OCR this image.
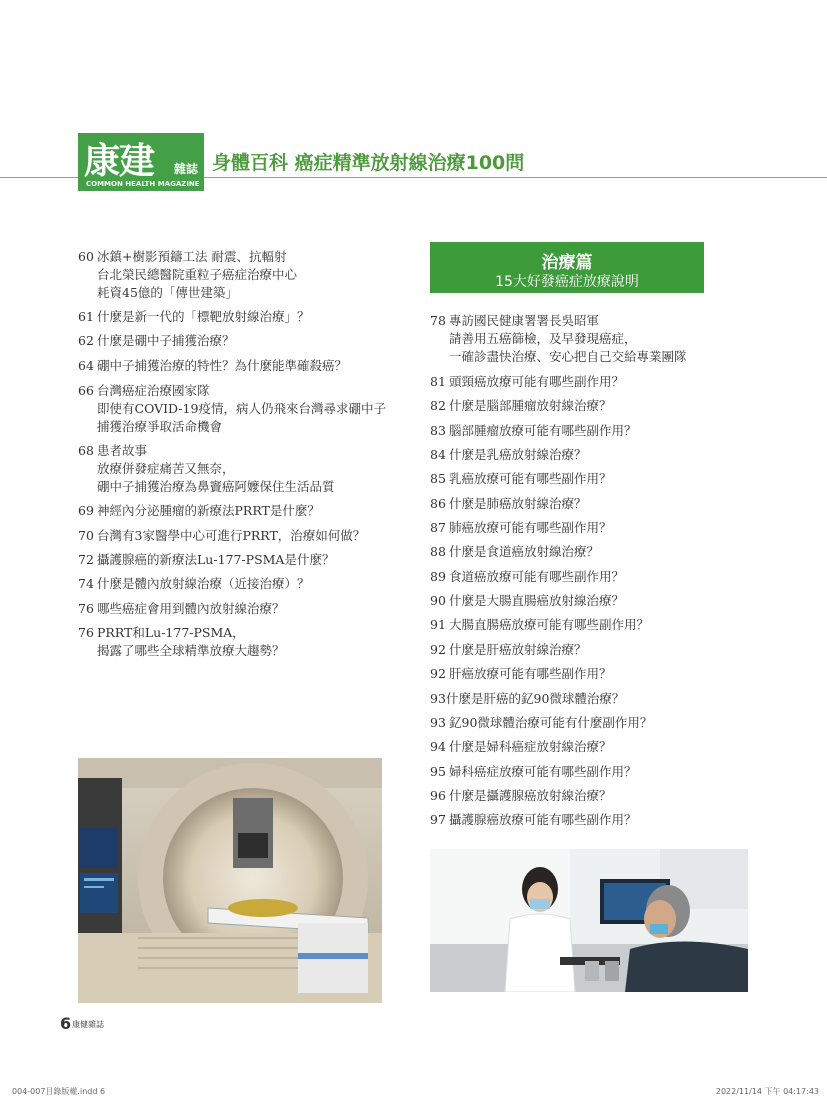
康建 雜誌
COMMON HEALTH MAGAZINE
身體百科 癌症精準放射線治療100問
60 冰鎮+樹影預鑄工法 耐震、抗輻射
台北榮民總醫院重粒子癌症治療中心
耗資45億的「傳世建築」
61 什麼是新一代的「標靶放射線治療」？
62 什麼是硼中子捕獲治療？
64 硼中子捕獲治療的特性？為什麼能準確殺癌？
66 台灣癌症治療國家隊
即使有COVID-19疫情，病人仍飛來台灣尋求硼中子
捕獲治療爭取活命機會
68 患者故事
放療併發症痛苦又無奈，
硼中子捕獲治療為鼻竇癌阿嬤保住生活品質
69 神經內分泌腫瘤的新療法PRRT是什麼？
70 台灣有3家醫學中心可進行PRRT，治療如何做？
72 攝護腺癌的新療法Lu-177-PSMA是什麼？
74 什麼是體內放射線治療（近接治療）？
76 哪些癌症會用到體內放射線治療？
76 PRRT和Lu-177-PSMA，
揭露了哪些全球精準放療大趨勢？
治療篇
15大好發癌症放療說明
78 專訪國民健康署署長吳昭軍
請善用五癌篩檢，及早發現癌症，
一確診盡快治療、安心把自己交給專業團隊
81 頭頸癌放療可能有哪些副作用？
82 什麼是腦部腫瘤放射線治療？
83 腦部腫瘤放療可能有哪些副作用？
84 什麼是乳癌放射線治療？
85 乳癌放療可能有哪些副作用？
86 什麼是肺癌放射線治療？
87 肺癌放療可能有哪些副作用？
88 什麼是食道癌放射線治療？
89 食道癌放療可能有哪些副作用？
90 什麼是大腸直腸癌放射線治療？
91 大腸直腸癌放療可能有哪些副作用？
92 什麼是肝癌放射線治療？
92 肝癌放療可能有哪些副作用？
93 什麼是肝癌的釔90微球體治療？
93 釔90微球體治療可能有什麼副作用？
94 什麼是婦科癌症放射線治療？
95 婦科癌症放療可能有哪些副作用？
96 什麼是攝護腺癌放射線治療？
97 攝護腺癌放療可能有哪些副作用？
6 康健雜誌
004-007目錄版權.indd 6	2022/11/14 下午 04:17:43
